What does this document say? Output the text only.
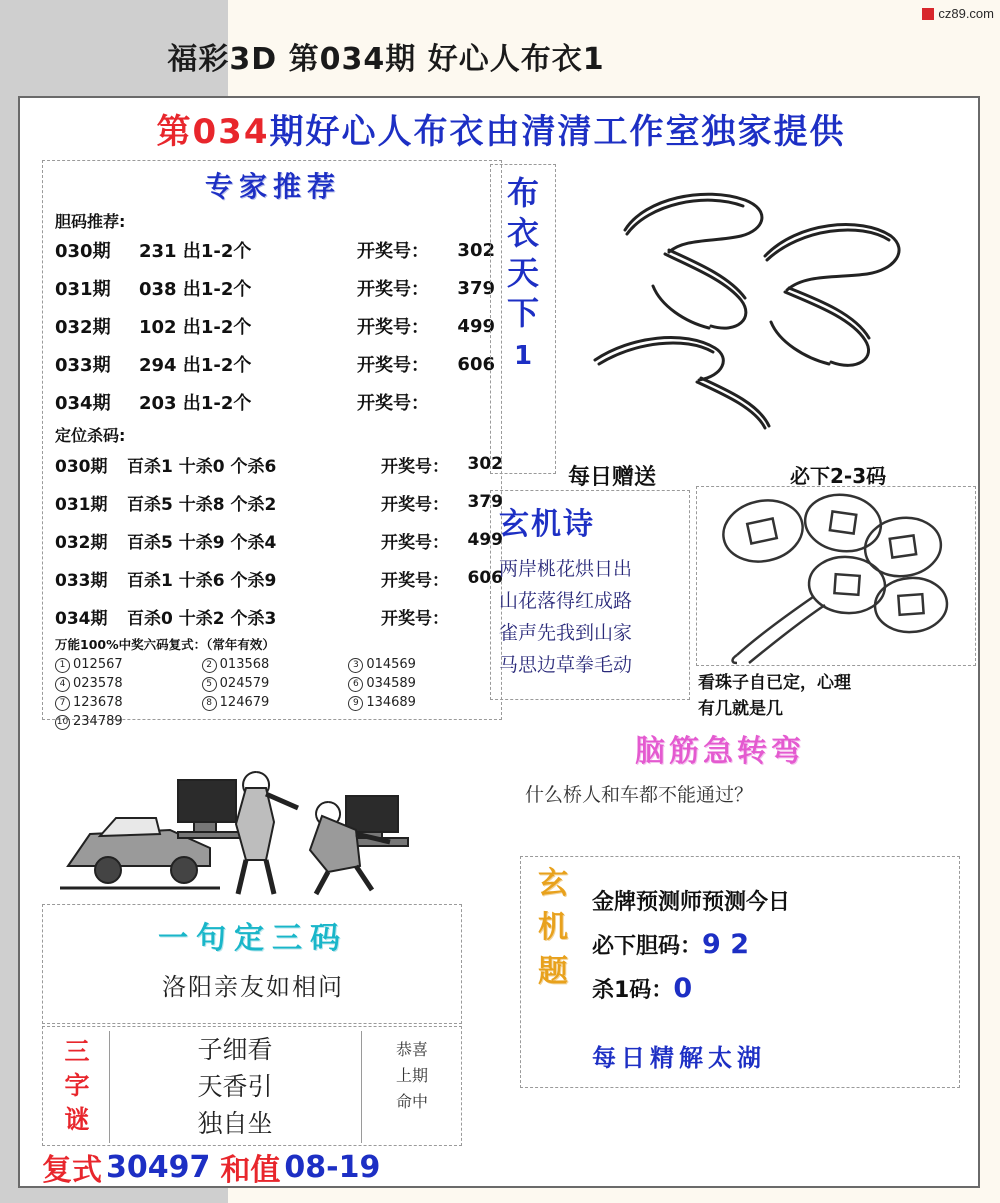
cz89.com
福彩3D 第034期 好心人布衣1
第034期好心人布衣由清清工作室独家提供
专家推荐
胆码推荐:
030期	231 出1-2个	开奖号：	302
031期	038 出1-2个	开奖号：	379
032期	102 出1-2个	开奖号：	499
033期	294 出1-2个	开奖号：	606
034期	203 出1-2个	开奖号：
定位杀码:
030期	百杀1 十杀0 个杀6	开奖号：	302
031期	百杀5 十杀8 个杀2	开奖号：	379
032期	百杀5 十杀9 个杀4	开奖号：	499
033期	百杀1 十杀6 个杀9	开奖号：	606
034期	百杀0 十杀2 个杀3	开奖号：
万能100%中奖六码复式：（常年有效）
1 012567	2 013568	3 014569
4 023578	5 024579	6 034589
7 123678	8 124679	9 134689
10 234789
一句定三码
洛阳亲友如相问
三
字
谜
子细看
天香引
独自坐
恭喜
上期
命中
复式 30497 和值 08-19
布
衣
天
下
1
每日赠送	必下2-3码
玄机诗
两岸桃花烘日出
山花落得红成路
雀声先我到山家
马思边草拳毛动
看珠子自已定，心理
有几就是几
脑筋急转弯
什么桥人和车都不能通过？
玄
机
题
金牌预测师预测今日
必下胆码：9 2
杀1码：0
每日精解太湖
